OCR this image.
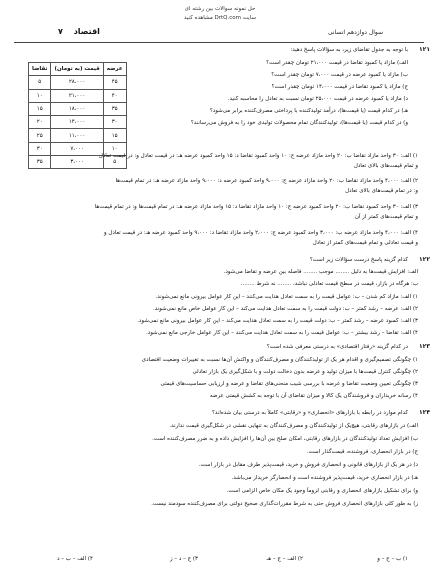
اقتصاد ۷
حل نمونه سوالات بین رشته ای
سایت DrtQ.com مشاهده کنید
سوال دوازدهم انسانی
۱۲۱
با توجه به جدول تقاضای زیر، به سؤالات پاسخ دهید:
الف) مازاد یا کمبود تقاضا در قیمت ۲۱،۰۰۰ تومان چقدر است؟
ب) مازاد یا کمبود عرضه در قیمت ۷،۰۰۰ تومان چقدر است؟
ج) مازاد یا کمبود تقاضا در قیمت ۱۴،۰۰۰ تومان چقدر است؟
د) مازاد یا کمبود عرضه در قیمت ۲۵،۰۰۰ تومان نسبت به تعادل را محاسبه کنید.
هـ) در کدام قیمت (یا قیمت‌ها)، درآمد تولیدکننده با پرداختی مصرف‌کننده برابر می‌شود؟
و) در کدام قیمت (یا قیمت‌ها)، تولیدکنندگان تمام محصولات تولیدی خود را به فروش می‌رسانند؟
عرضه	قیمت (به تومان)	تقاضا
۴۵	۲۸،۰۰۰	۵
۴۰	۲۱،۰۰۰	۱۰
۳۵	۱۸،۰۰۰	۱۵
۳۰	۱۴،۰۰۰	۲۰
۱۵	۱۱،۰۰۰	۲۵
۱۰	۷،۰۰۰	۳۰
۵	۳،۰۰۰	۳۵
۱) الف: ۳۰ واحد مازاد تقاضا ب: ۲۰ واحد مازاد عرضه ج: ۱۰ واحد کمبود تقاضا د: ۱۵ واحد کمبود عرضه هـ: در قیمت تعادل و: در قیمت تعادل
و تمام قیمت‌های بالای تعادل
۲) الف: ۴،۰۰۰ واحد مازاد تقاضا ب: ۲۰ واحد مازاد عرضه ج: ۹،۰۰۰ واحد کمبود عرضه د: ۹،۰۰۰ واحد مازاد عرضه هـ: در تمام قیمت‌ها
و: در تمام قیمت‌های بالای تعادل
۳) الف: ۳۰ واحد کمبود تقاضا ب: ۲۰ واحد کمبود عرضه ج: ۱۰ واحد مازاد تقاضا د: ۱۵ واحد مازاد عرضه هـ: در تمام قیمت‌ها و: در تمام قیمت‌ها
و تمام قیمت‌های کمتر از آن
۴) الف: ۴،۰۰۰ واحد مازاد عرضه ب: ۳،۰۰۰ واحد کمبود عرضه ج: ۲،۰۰۰ واحد مازاد تقاضا د: ۹،۰۰۰ واحد کمبود عرضه هـ: در قیمت تعادل و
و قیمت تعادلی و تمام قیمت‌های کمتر از تعادل
۱۲۲
کدام گزینه پاسخ درست سؤالات زیر است؟
الف: افزایش قیمت‌ها به دلیل ........ موجب ........ فاصله بین عرضه و تقاضا می‌شود.
ب: هرگاه در بازار، قیمت در سطح قیمت تعادلی نباشد، ........ نه شرط ........
۱) الف: مازاد کم شدن – ب: عوامل قیمت را به سمت تعادل هدایت می‌کنند – این کار عوامل بیرونی مانع نمی‌شوند.
۲) الف: عرضه – رشد کمتر – ب: دولت قیمت را به سمت تعادل هدایت می‌کند – این کار عوامل خاص مانع نمی‌شوند.
۳) الف: کمبود عرضه – رشد کمتر – ب: دولت قیمت را به سمت تعادل هدایت می‌کند – این کار عوامل بیرونی مانع نمی‌شود.
۴) الف: تقاضا – رشد بیشتر – ب: عوامل قیمت را به سمت تعادل هدایت می‌کنند – این کار عوامل خارجی مانع نمی‌شود.
۱۲۳
در کدام گزینه «رفتار اقتصادی» به درستی معرفی شده است؟
۱) چگونگی تصمیم‌گیری و اقدام هر یک از تولیدکنندگان و مصرف‌کنندگان و واکنش آن‌ها نسبت به تغییرات وضعیت اقتصادی
۲) چگونگی کنترل قیمت‌ها با میزان تولید و عرضه بدون دخالت دولت و با شکل‌گیری یک بازار تعادلی
۳) چگونگی تعیین وضعیت تقاضا و عرضه با بررسی شیب منحنی‌های تقاضا و عرضه و ارزیابی حساسیت‌های قیمتی
۴) رسانه خریداران و فروشندگان یک کالا و میزان تقاضای آن با توجه به کشش قیمتی عرضه
۱۲۴
کدام موارد در رابطه با بازارهای «انحصاری» و «رقابتی» کاملاً به درستی بیان شده‌اند؟
الف) در بازارهای رقابتی، هیچ‌یک از تولیدکنندگان و مصرف‌کنندگان به تنهایی نقشی در شکل‌گیری قیمت ندارند.
ب) افزایش تعداد تولیدکنندگان در بازارهای رقابتی، امکان صلح بین آن‌ها را افزایش داده و به ضرر مصرف‌کننده است.
ج) در بازار انحصاری، فروشنده، قیمت‌گذار است.
د) در هر یک از بازارهای قانونی و انحصاری فروش و خرید، قیمت‌پذیر طرف مقابل در بازار است.
هـ) در بازار انحصاری خرید، قیمت‌پذیر فروشنده است و انحصارگر خریدار می‌باشد.
و) برای تشکیل بازارهای انحصاری و رقابتی لزوماً وجود یک مکان خاص الزامی است.
ز) به طور کلی بازارهای انحصاری فروش حتی به شرط مقررات‌گذاری صحیح دولتی برای مصرف‌کننده سودمند نیست.
۱) ب – ج – و
۲) الف – ج – هـ
۳) ج – د – ز
۴) الف – ب – د
